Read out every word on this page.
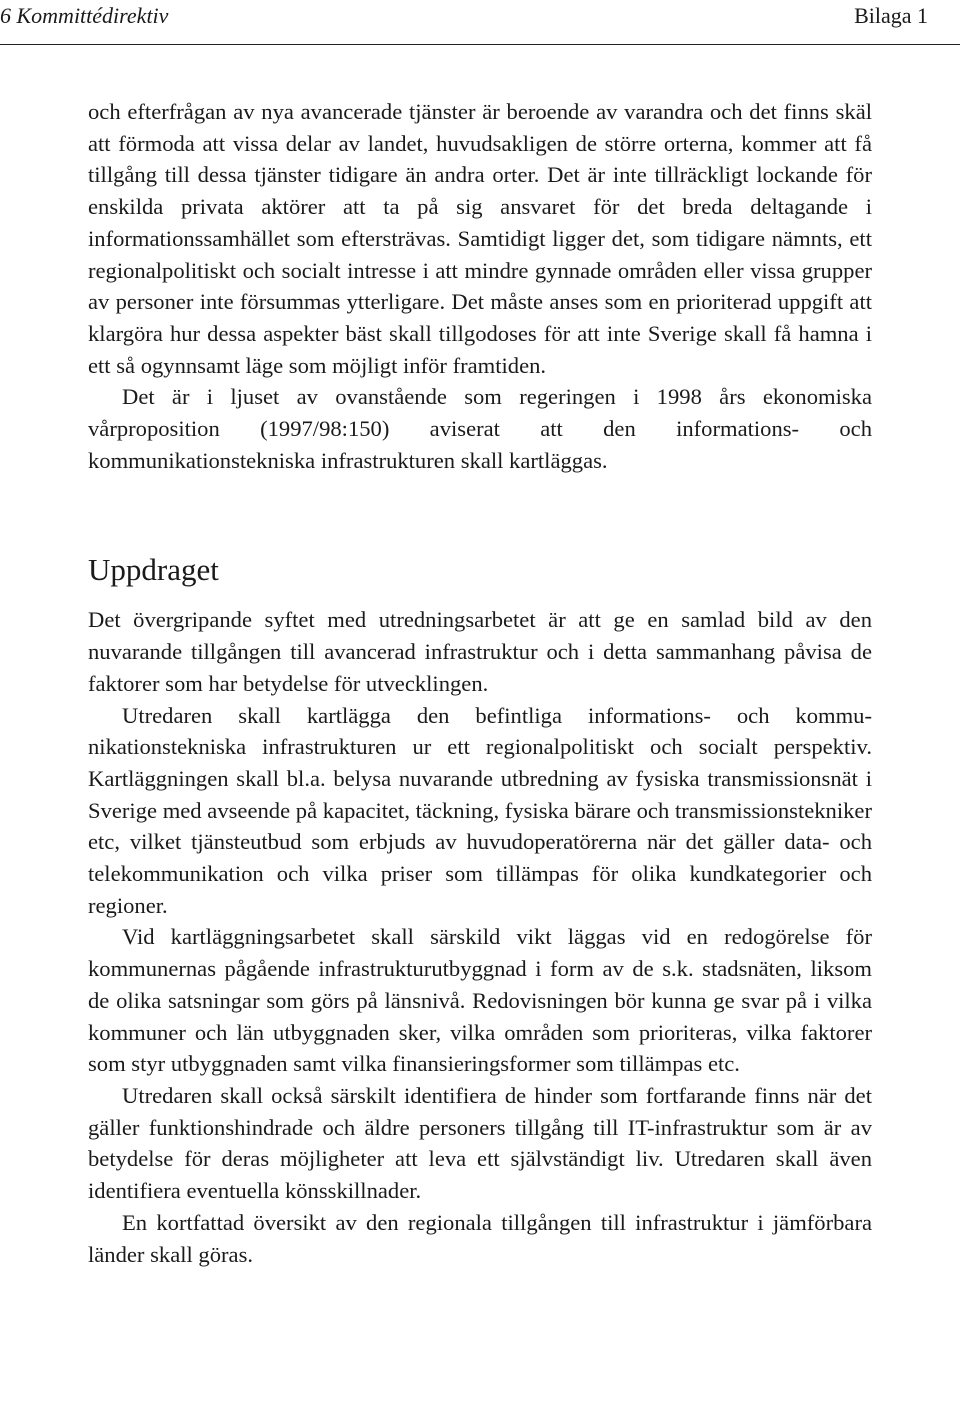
6 Kommittédirektiv	Bilaga 1

och efterfrågan av nya avancerade tjänster är beroende av varandra och det finns skäl att förmoda att vissa delar av landet, huvudsakligen de större orterna, kommer att få tillgång till dessa tjänster tidigare än andra orter. Det är inte tillräckligt lockande för enskilda privata aktörer att ta på sig ansvaret för det breda deltagande i informationssamhället som eftersträvas. Samtidigt ligger det, som tidigare nämnts, ett regionalpolitiskt och socialt intresse i att mindre gynnade områden eller vissa grupper av personer inte försummas ytterligare. Det måste anses som en prioriterad uppgift att klargöra hur dessa aspekter bäst skall tillgodoses för att inte Sverige skall få hamna i ett så ogynnsamt läge som möjligt inför framtiden.

Det är i ljuset av ovanstående som regeringen i 1998 års ekonomiska vårproposition (1997/98:150) aviserat att den informations- och kommunikationstekniska infrastrukturen skall kartläggas.

Uppdraget

Det övergripande syftet med utredningsarbetet är att ge en samlad bild av den nuvarande tillgången till avancerad infrastruktur och i detta sammanhang påvisa de faktorer som har betydelse för utvecklingen.

Utredaren skall kartlägga den befintliga informations- och kommunikationstekniska infrastrukturen ur ett regionalpolitiskt och socialt perspektiv. Kartläggningen skall bl.a. belysa nuvarande utbredning av fysiska transmissionsnät i Sverige med avseende på kapacitet, täckning, fysiska bärare och transmissionstekniker etc, vilket tjänsteutbud som erbjuds av huvudoperatörerna när det gäller data- och telekommunikation och vilka priser som tillämpas för olika kundkategorier och regioner.

Vid kartläggningsarbetet skall särskild vikt läggas vid en redogörelse för kommunernas pågående infrastrukturutbyggnad i form av de s.k. stadsnäten, liksom de olika satsningar som görs på länsnivå. Redovisningen bör kunna ge svar på i vilka kommuner och län utbyggnaden sker, vilka områden som prioriteras, vilka faktorer som styr utbyggnaden samt vilka finansieringsformer som tillämpas etc.

Utredaren skall också särskilt identifiera de hinder som fortfarande finns när det gäller funktionshindrade och äldre personers tillgång till IT-infrastruktur som är av betydelse för deras möjligheter att leva ett självständigt liv. Utredaren skall även identifiera eventuella könsskillnader.

En kortfattad översikt av den regionala tillgången till infrastruktur i jämförbara länder skall göras.
